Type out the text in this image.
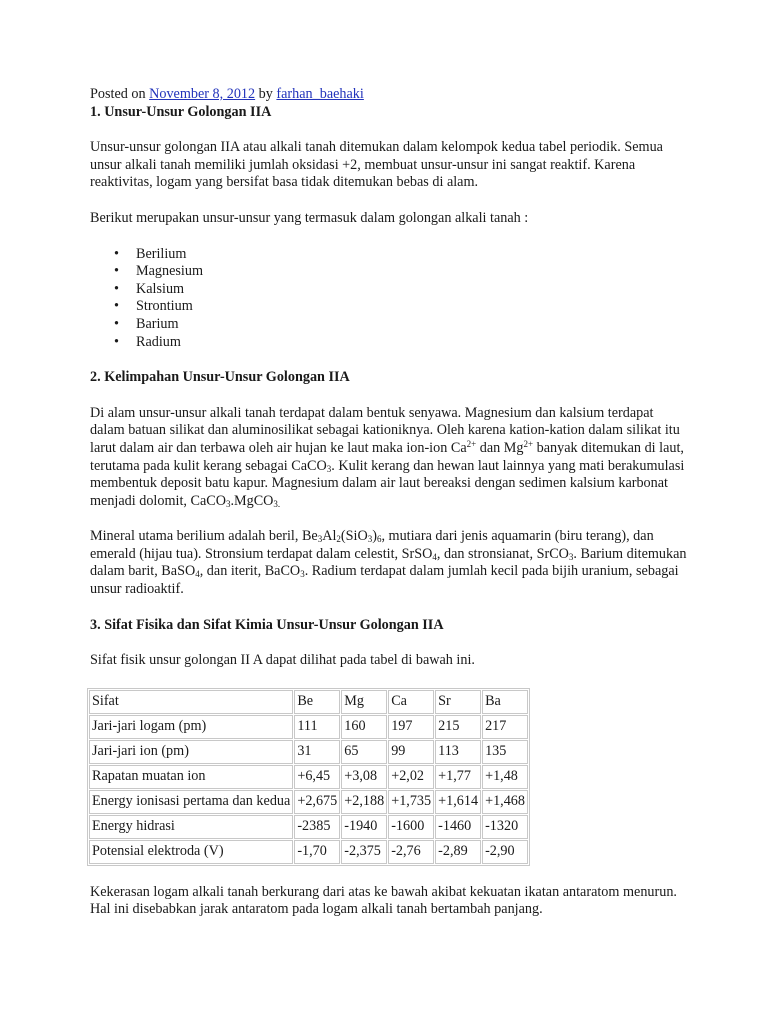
Posted on November 8, 2012 by farhan_baehaki

1. Unsur-Unsur Golongan IIA

Unsur-unsur golongan IIA atau alkali tanah ditemukan dalam kelompok kedua tabel periodik. Semua unsur alkali tanah memiliki jumlah oksidasi +2, membuat unsur-unsur ini sangat reaktif. Karena reaktivitas, logam yang bersifat basa tidak ditemukan bebas di alam.

Berikut merupakan unsur-unsur yang termasuk dalam golongan alkali tanah :

• Berilium
• Magnesium
• Kalsium
• Strontium
• Barium
• Radium
2. Kelimpahan Unsur-Unsur Golongan IIA

Di alam unsur-unsur alkali tanah terdapat dalam bentuk senyawa. Magnesium dan kalsium terdapat dalam batuan silikat dan aluminosilikat sebagai kationiknya. Oleh karena kation-kation dalam silikat itu larut dalam air dan terbawa oleh air hujan ke laut maka ion-ion $Ca^{2+}$ dan $Mg^{2+}$ banyak ditemukan di laut, terutama pada kulit kerang sebagai CaCO$_3$. Kulit kerang dan hewan laut lainnya yang mati berakumulasi membentuk deposit batu kapur. Magnesium dalam air laut bereaksi dengan sedimen kalsium karbonat menjadi dolomit, CaCO$_3$.MgCO$_{3.}$

Mineral utama berilium adalah beril, $Be_3Al_2(SiO_3)_6$, mutiara dari jenis aquamarin (biru terang), dan emerald (hijau tua). Stronsium terdapat dalam celestit, SrSO$_4$, dan stronsianat, SrCO$_3$. Barium ditemukan dalam barit, BaSO$_4$, dan iterit, BaCO$_3$. Radium terdapat dalam jumlah kecil pada bijih uranium, sebagai unsur radioaktif.

3. Sifat Fisika dan Sifat Kimia Unsur-Unsur Golongan IIA

Sifat fisik unsur golongan II A dapat dilihat pada tabel di bawah ini.

Sifat	Be	Mg	Ca	Sr	Ba
Jari-jari logam (pm)	111	160	197	215	217
Jari-jari ion (pm)	31	65	99	113	135
Rapatan muatan ion	+6,45	+3,08	+2,02	+1,77	+1,48
Energy ionisasi pertama dan kedua	+2,675	+2,188	+1,735	+1,614	+1,468
Energy hidrasi	-2385	-1940	-1600	-1460	-1320
Potensial elektroda (V)	-1,70	-2,375	-2,76	-2,89	-2,90

Kekerasan logam alkali tanah berkurang dari atas ke bawah akibat kekuatan ikatan antaratom menurun. Hal ini disebabkan jarak antaratom pada logam alkali tanah bertambah panjang.
